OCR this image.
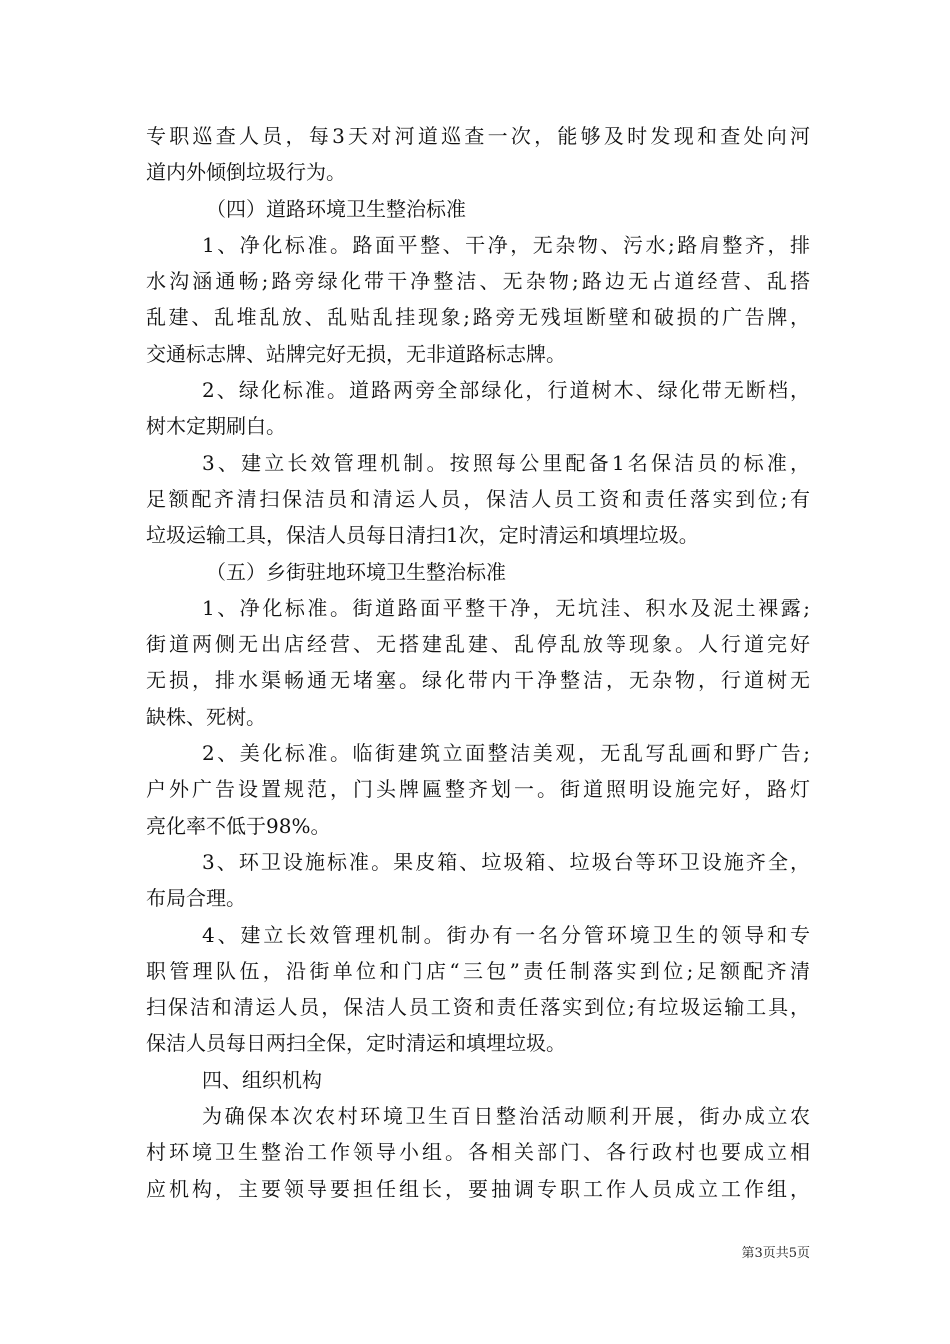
专职巡查人员，每3天对河道巡查一次，能够及时发现和查处向河
道内外倾倒垃圾行为。
（四）道路环境卫生整治标准
1、净化标准。路面平整、干净，无杂物、污水;路肩整齐，排
水沟涵通畅;路旁绿化带干净整洁、无杂物;路边无占道经营、乱搭
乱建、乱堆乱放、乱贴乱挂现象;路旁无残垣断壁和破损的广告牌，
交通标志牌、站牌完好无损，无非道路标志牌。
2、绿化标准。道路两旁全部绿化，行道树木、绿化带无断档，
树木定期刷白。
3、建立长效管理机制。按照每公里配备1名保洁员的标准，
足额配齐清扫保洁员和清运人员，保洁人员工资和责任落实到位;有
垃圾运输工具，保洁人员每日清扫1次，定时清运和填埋垃圾。
（五）乡街驻地环境卫生整治标准
1、净化标准。街道路面平整干净，无坑洼、积水及泥土裸露;
街道两侧无出店经营、无搭建乱建、乱停乱放等现象。人行道完好
无损，排水渠畅通无堵塞。绿化带内干净整洁，无杂物，行道树无
缺株、死树。
2、美化标准。临街建筑立面整洁美观，无乱写乱画和野广告;
户外广告设置规范，门头牌匾整齐划一。街道照明设施完好，路灯
亮化率不低于98%。
3、环卫设施标准。果皮箱、垃圾箱、垃圾台等环卫设施齐全，
布局合理。
4、建立长效管理机制。街办有一名分管环境卫生的领导和专
职管理队伍，沿街单位和门店“三包”责任制落实到位;足额配齐清
扫保洁和清运人员，保洁人员工资和责任落实到位;有垃圾运输工具，
保洁人员每日两扫全保，定时清运和填埋垃圾。
四、组织机构
为确保本次农村环境卫生百日整治活动顺利开展，街办成立农
村环境卫生整治工作领导小组。各相关部门、各行政村也要成立相
应机构，主要领导要担任组长，要抽调专职工作人员成立工作组，
第3页共5页
